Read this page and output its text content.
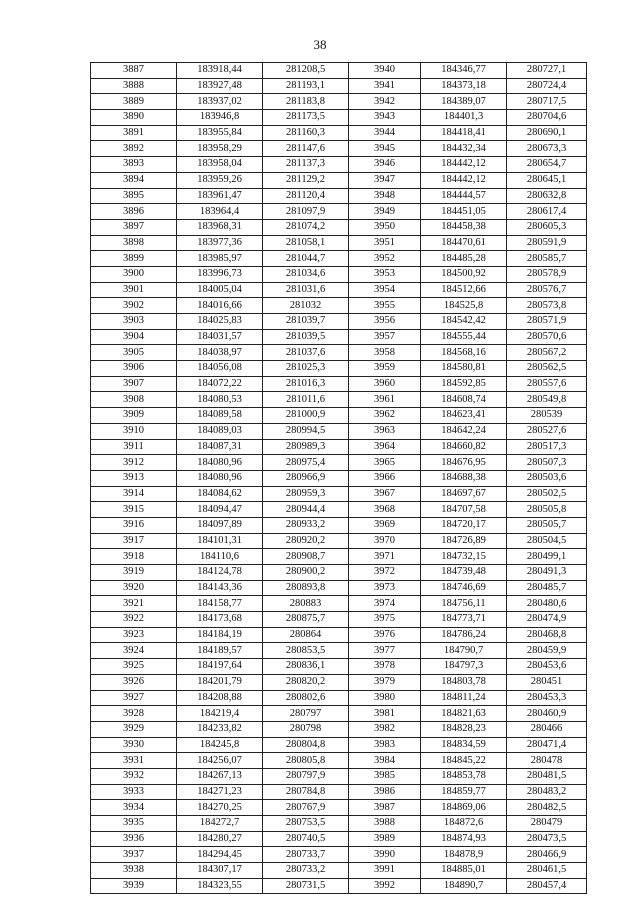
38
3887	183918,44	281208,5	3940	184346,77	280727,1
3888	183927,48	281193,1	3941	184373,18	280724,4
3889	183937,02	281183,8	3942	184389,07	280717,5
3890	183946,8	281173,5	3943	184401,3	280704,6
3891	183955,84	281160,3	3944	184418,41	280690,1
3892	183958,29	281147,6	3945	184432,34	280673,3
3893	183958,04	281137,3	3946	184442,12	280654,7
3894	183959,26	281129,2	3947	184442,12	280645,1
3895	183961,47	281120,4	3948	184444,57	280632,8
3896	183964,4	281097,9	3949	184451,05	280617,4
3897	183968,31	281074,2	3950	184458,38	280605,3
3898	183977,36	281058,1	3951	184470,61	280591,9
3899	183985,97	281044,7	3952	184485,28	280585,7
3900	183996,73	281034,6	3953	184500,92	280578,9
3901	184005,04	281031,6	3954	184512,66	280576,7
3902	184016,66	281032	3955	184525,8	280573,8
3903	184025,83	281039,7	3956	184542,42	280571,9
3904	184031,57	281039,5	3957	184555,44	280570,6
3905	184038,97	281037,6	3958	184568,16	280567,2
3906	184056,08	281025,3	3959	184580,81	280562,5
3907	184072,22	281016,3	3960	184592,85	280557,6
3908	184080,53	281011,6	3961	184608,74	280549,8
3909	184089,58	281000,9	3962	184623,41	280539
3910	184089,03	280994,5	3963	184642,24	280527,6
3911	184087,31	280989,3	3964	184660,82	280517,3
3912	184080,96	280975,4	3965	184676,95	280507,3
3913	184080,96	280966,9	3966	184688,38	280503,6
3914	184084,62	280959,3	3967	184697,67	280502,5
3915	184094,47	280944,4	3968	184707,58	280505,8
3916	184097,89	280933,2	3969	184720,17	280505,7
3917	184101,31	280920,2	3970	184726,89	280504,5
3918	184110,6	280908,7	3971	184732,15	280499,1
3919	184124,78	280900,2	3972	184739,48	280491,3
3920	184143,36	280893,8	3973	184746,69	280485,7
3921	184158,77	280883	3974	184756,11	280480,6
3922	184173,68	280875,7	3975	184773,71	280474,9
3923	184184,19	280864	3976	184786,24	280468,8
3924	184189,57	280853,5	3977	184790,7	280459,9
3925	184197,64	280836,1	3978	184797,3	280453,6
3926	184201,79	280820,2	3979	184803,78	280451
3927	184208,88	280802,6	3980	184811,24	280453,3
3928	184219,4	280797	3981	184821,63	280460,9
3929	184233,82	280798	3982	184828,23	280466
3930	184245,8	280804,8	3983	184834,59	280471,4
3931	184256,07	280805,8	3984	184845,22	280478
3932	184267,13	280797,9	3985	184853,78	280481,5
3933	184271,23	280784,8	3986	184859,77	280483,2
3934	184270,25	280767,9	3987	184869,06	280482,5
3935	184272,7	280753,5	3988	184872,6	280479
3936	184280,27	280740,5	3989	184874,93	280473,5
3937	184294,45	280733,7	3990	184878,9	280466,9
3938	184307,17	280733,2	3991	184885,01	280461,5
3939	184323,55	280731,5	3992	184890,7	280457,4
